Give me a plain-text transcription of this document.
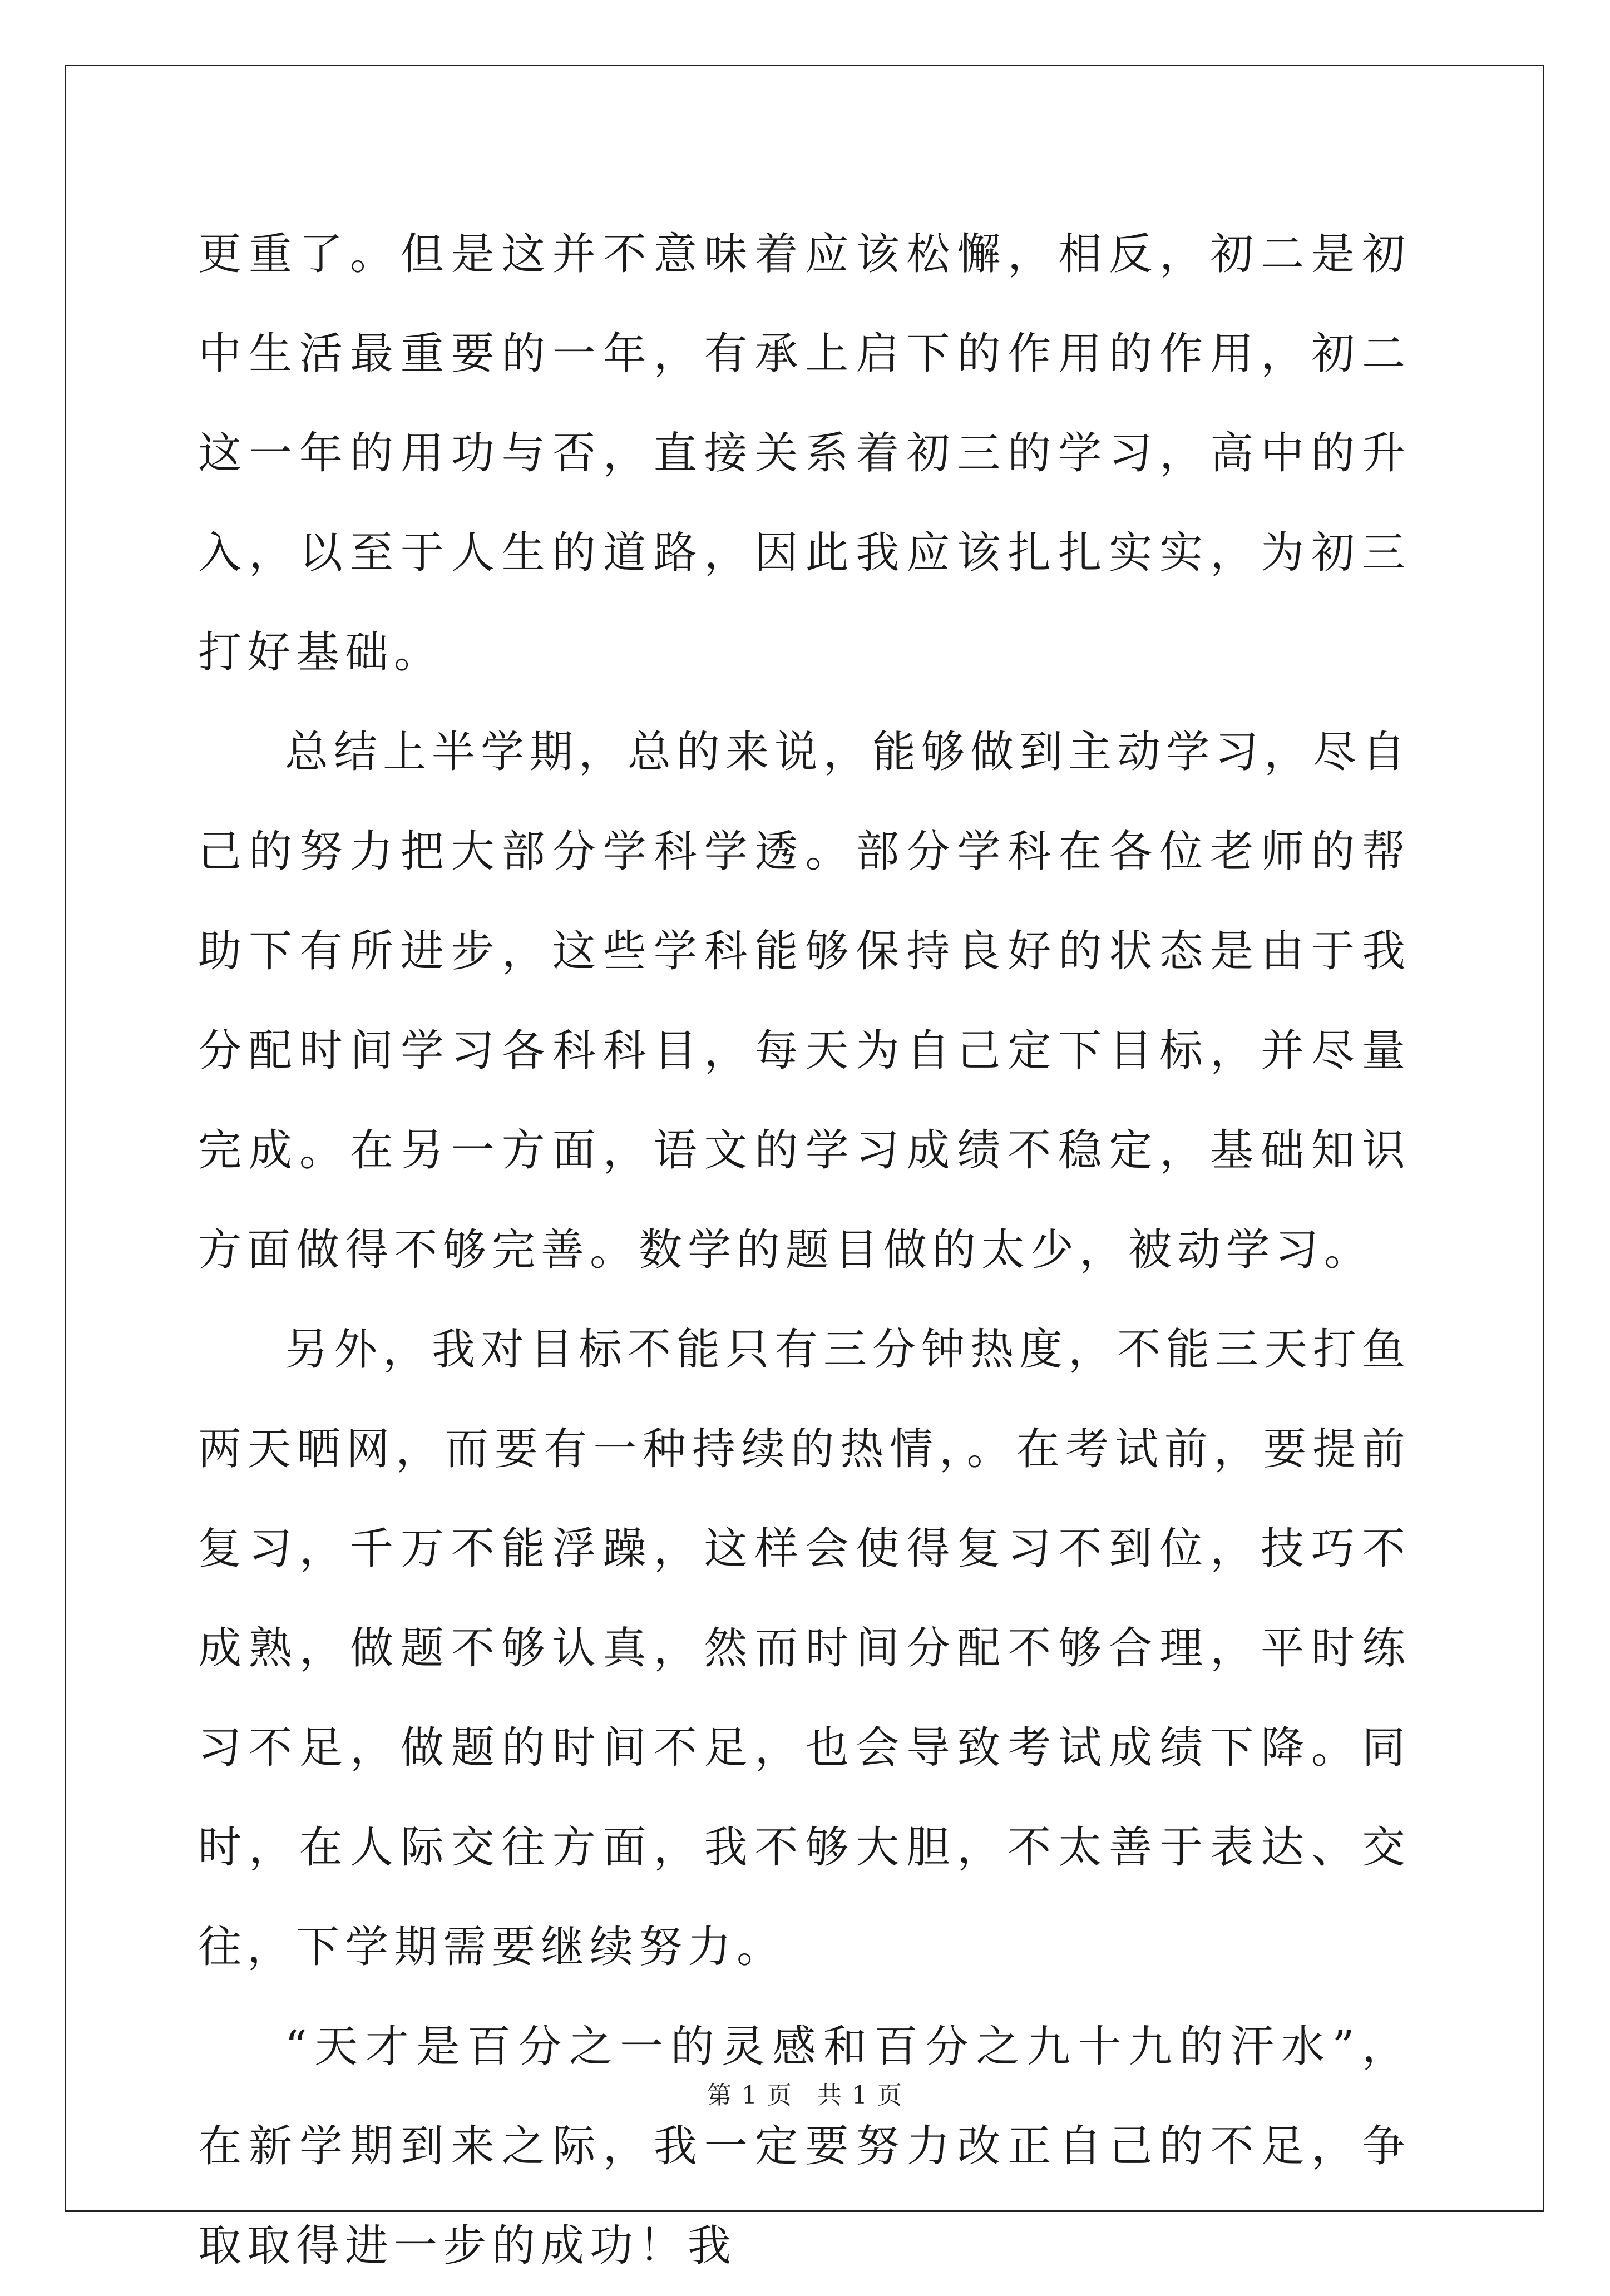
更重了。但是这并不意味着应该松懈，相反，初二是初中生活最重要的一年，有承上启下的作用的作用，初二这一年的用功与否，直接关系着初三的学习，高中的升入，以至于人生的道路，因此我应该扎扎实实，为初三打好基础。

总结上半学期，总的来说，能够做到主动学习，尽自己的努力把大部分学科学透。部分学科在各位老师的帮助下有所进步，这些学科能够保持良好的状态是由于我分配时间学习各科科目，每天为自己定下目标，并尽量完成。在另一方面，语文的学习成绩不稳定，基础知识方面做得不够完善。数学的题目做的太少，被动学习。

另外，我对目标不能只有三分钟热度，不能三天打鱼两天晒网，而要有一种持续的热情，。在考试前，要提前复习，千万不能浮躁，这样会使得复习不到位，技巧不成熟，做题不够认真，然而时间分配不够合理，平时练习不足，做题的时间不足，也会导致考试成绩下降。同时，在人际交往方面，我不够大胆，不太善于表达、交往，下学期需要继续努力。

“天才是百分之一的灵感和百分之九十九的汗水”， 在新学期到来之际，我一定要努力改正自己的不足，争取取得进一步的成功！我

第 1 页 共 1 页
